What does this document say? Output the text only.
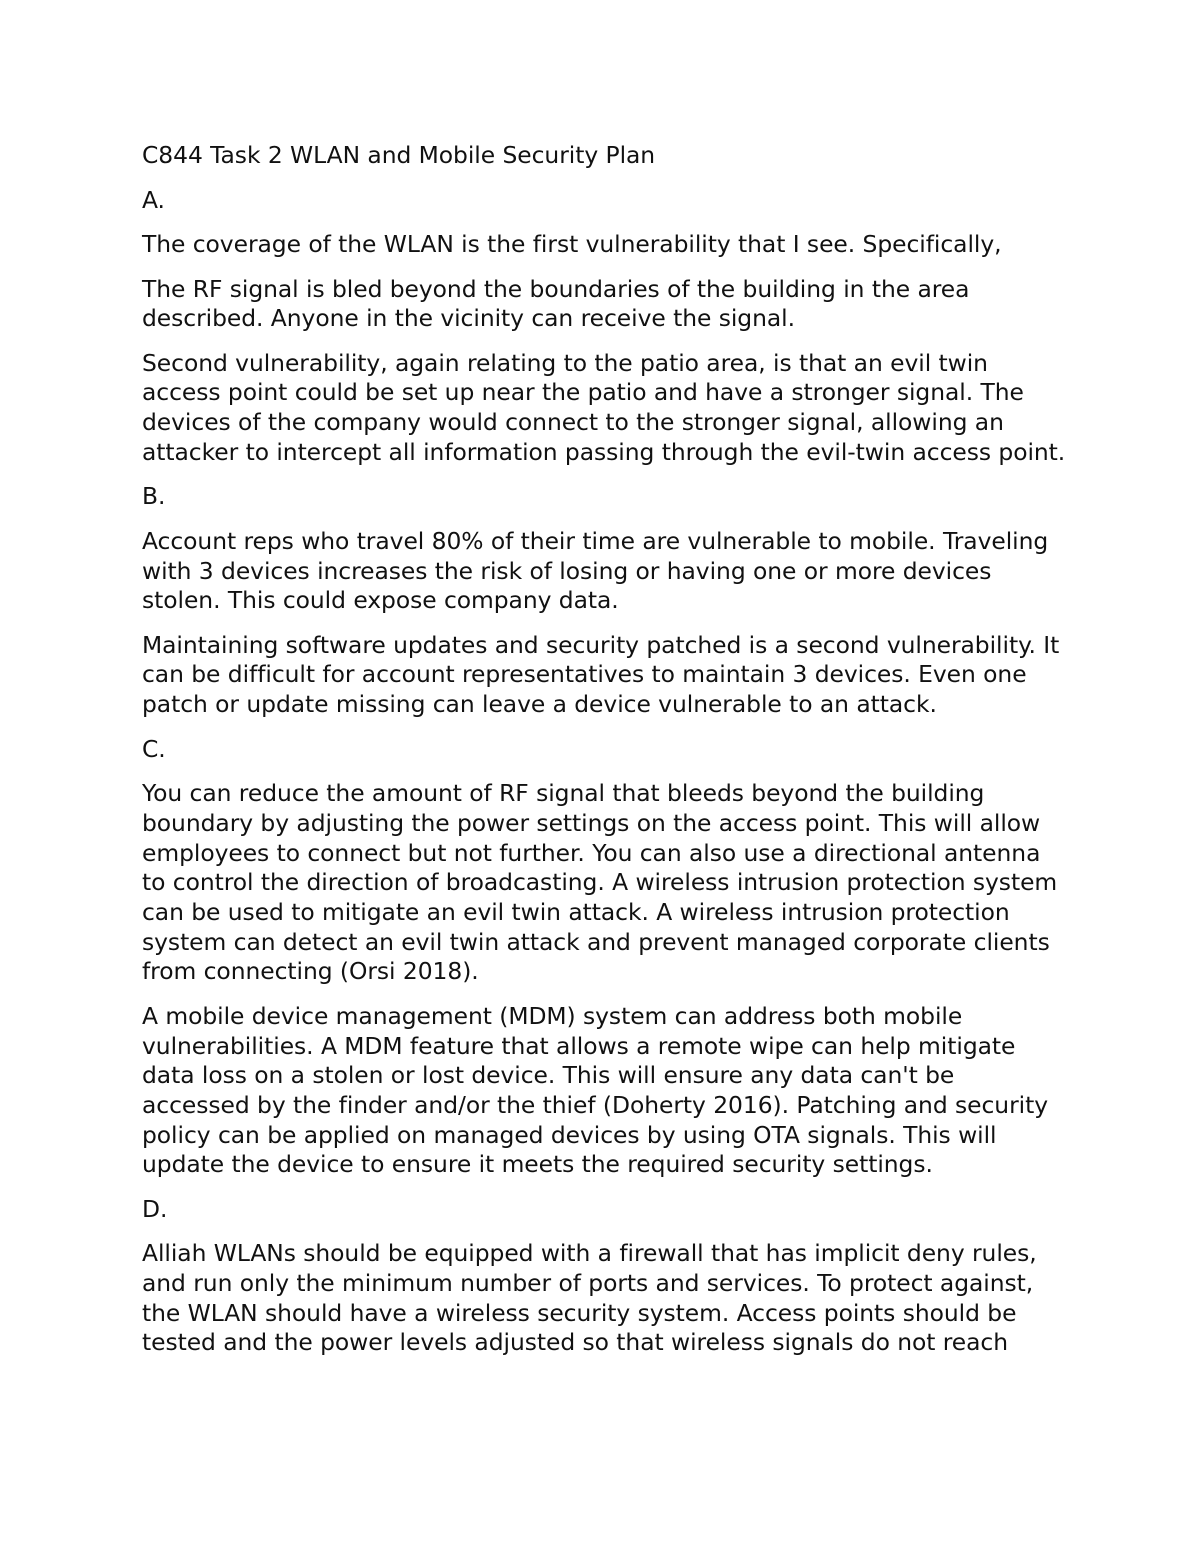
C844 Task 2 WLAN and Mobile Security Plan

A.

The coverage of the WLAN is the first vulnerability that I see. Specifically,

The RF signal is bled beyond the boundaries of the building in the area described. Anyone in the vicinity can receive the signal.

Second vulnerability, again relating to the patio area, is that an evil twin access point could be set up near the patio and have a stronger signal. The devices of the company would connect to the stronger signal, allowing an attacker to intercept all information passing through the evil-twin access point.

B.

Account reps who travel 80% of their time are vulnerable to mobile. Traveling with 3 devices increases the risk of losing or having one or more devices stolen. This could expose company data.

Maintaining software updates and security patched is a second vulnerability. It can be difficult for account representatives to maintain 3 devices. Even one patch or update missing can leave a device vulnerable to an attack.

C.

You can reduce the amount of RF signal that bleeds beyond the building boundary by adjusting the power settings on the access point. This will allow employees to connect but not further. You can also use a directional antenna to control the direction of broadcasting. A wireless intrusion protection system can be used to mitigate an evil twin attack. A wireless intrusion protection system can detect an evil twin attack and prevent managed corporate clients from connecting (Orsi 2018).

A mobile device management (MDM) system can address both mobile vulnerabilities. A MDM feature that allows a remote wipe can help mitigate data loss on a stolen or lost device. This will ensure any data can't be accessed by the finder and/or the thief (Doherty 2016). Patching and security policy can be applied on managed devices by using OTA signals. This will update the device to ensure it meets the required security settings.

D.

Alliah WLANs should be equipped with a firewall that has implicit deny rules, and run only the minimum number of ports and services. To protect against, the WLAN should have a wireless security system. Access points should be tested and the power levels adjusted so that wireless signals do not reach
